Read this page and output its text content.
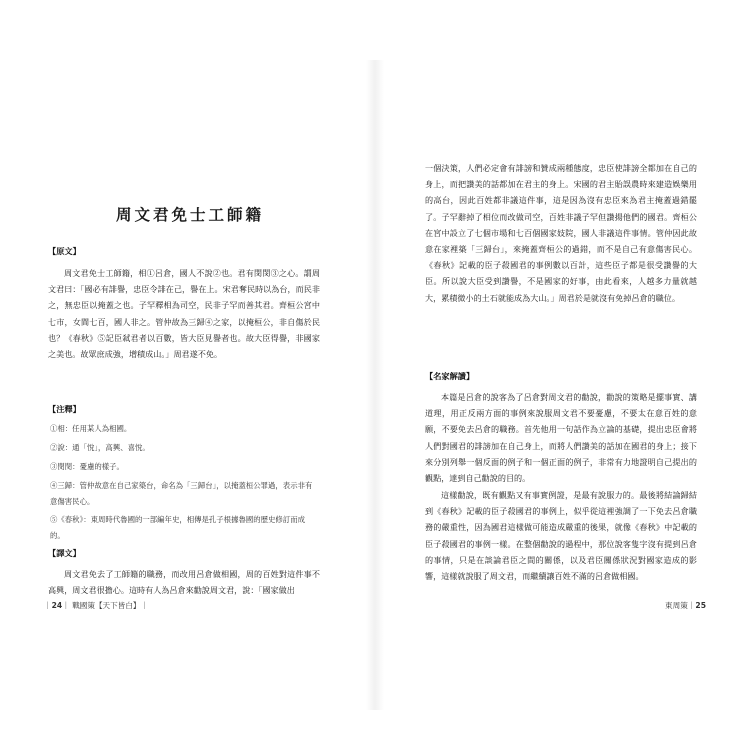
周文君免士工師籍
【原文】

周文君免士工師籍，相①呂倉，國人不說②也。君有閔閔③之心。謂周文君曰：「國必有誹譽，忠臣令誹在己，譽在上。宋君奪民時以為台，而民非之，無忠臣以掩蓋之也。子罕釋相為司空，民非子罕而善其君。齊桓公宮中七市，女閭七百，國人非之。管仲故為三歸④之家，以掩桓公，非自傷於民也？《春秋》⑤記臣弒君者以百數，皆大臣見譽者也。故大臣得譽，非國家之美也。故眾庶成強，增積成山。」周君遂不免。

【注釋】

①相：任用某人為相國。

②說：通「悅」，高興、喜悅。

③閔閔：憂慮的樣子。

④三歸：管仲故意在自己家築台，命名為「三歸台」，以掩蓋桓公罪過，表示非有意傷害民心。

⑤《春秋》：東周時代魯國的一部編年史，相傳是孔子根據魯國的歷史修訂而成的。

【譯文】

周文君免去了工師籍的職務，而改用呂倉做相國，周的百姓對這件事不高興，周文君很擔心。這時有人為呂倉來勸說周文君，說：「國家做出

｜24｜ 戰國策【天下皆白】｜

一個決策，人們必定會有誹謗和贊成兩種態度，忠臣使誹謗全都加在自己的身上，而把讚美的話都加在君主的身上。宋國的君主貽誤農時來建造娛樂用的高台，因此百姓都非議這件事，這是因為沒有忠臣來為君主掩蓋過錯罷了。子罕辭掉了相位而改做司空，百姓非議子罕但讚揚他們的國君。齊桓公在宮中設立了七個市場和七百個國家妓院，國人非議這件事情。管仲因此故意在家裡築「三歸台」，來掩蓋齊桓公的過錯，而不是自己有意傷害民心。《春秋》記載的臣子殺國君的事例數以百計，這些臣子都是很受讚譽的大臣。所以說大臣受到讚譽，不是國家的好事，由此看來，人越多力量就越大，累積微小的土石就能成為大山。」周君於是就沒有免掉呂倉的職位。

【名家解讀】

本篇是呂倉的說客為了呂倉對周文君的勸說，勸說的策略是擺事實、講道理，用正反兩方面的事例來說服周文君不要憂慮，不要太在意百姓的意願，不要免去呂倉的職務。首先他用一句話作為立論的基礎，提出忠臣會將人們對國君的誹謗加在自己身上，而將人們讚美的話加在國君的身上；接下來分別列舉一個反面的例子和一個正面的例子，非常有力地證明自己提出的觀點，達到自己勸說的目的。

這樣勸說，既有觀點又有事實例證，是最有說服力的。最後將結論歸結到《春秋》記載的臣子殺國君的事例上，似乎從這裡強調了一下免去呂倉職務的嚴重性，因為國君這樣做可能造成嚴重的後果，就像《春秋》中記載的臣子殺國君的事例一樣。在整個勸說的過程中，那位說客隻字沒有提到呂倉的事情，只是在談論君臣之間的關係，以及君臣關係狀況對國家造成的影響，這樣就說服了周文君，而繼續讓百姓不滿的呂倉做相國。

東周策｜25
